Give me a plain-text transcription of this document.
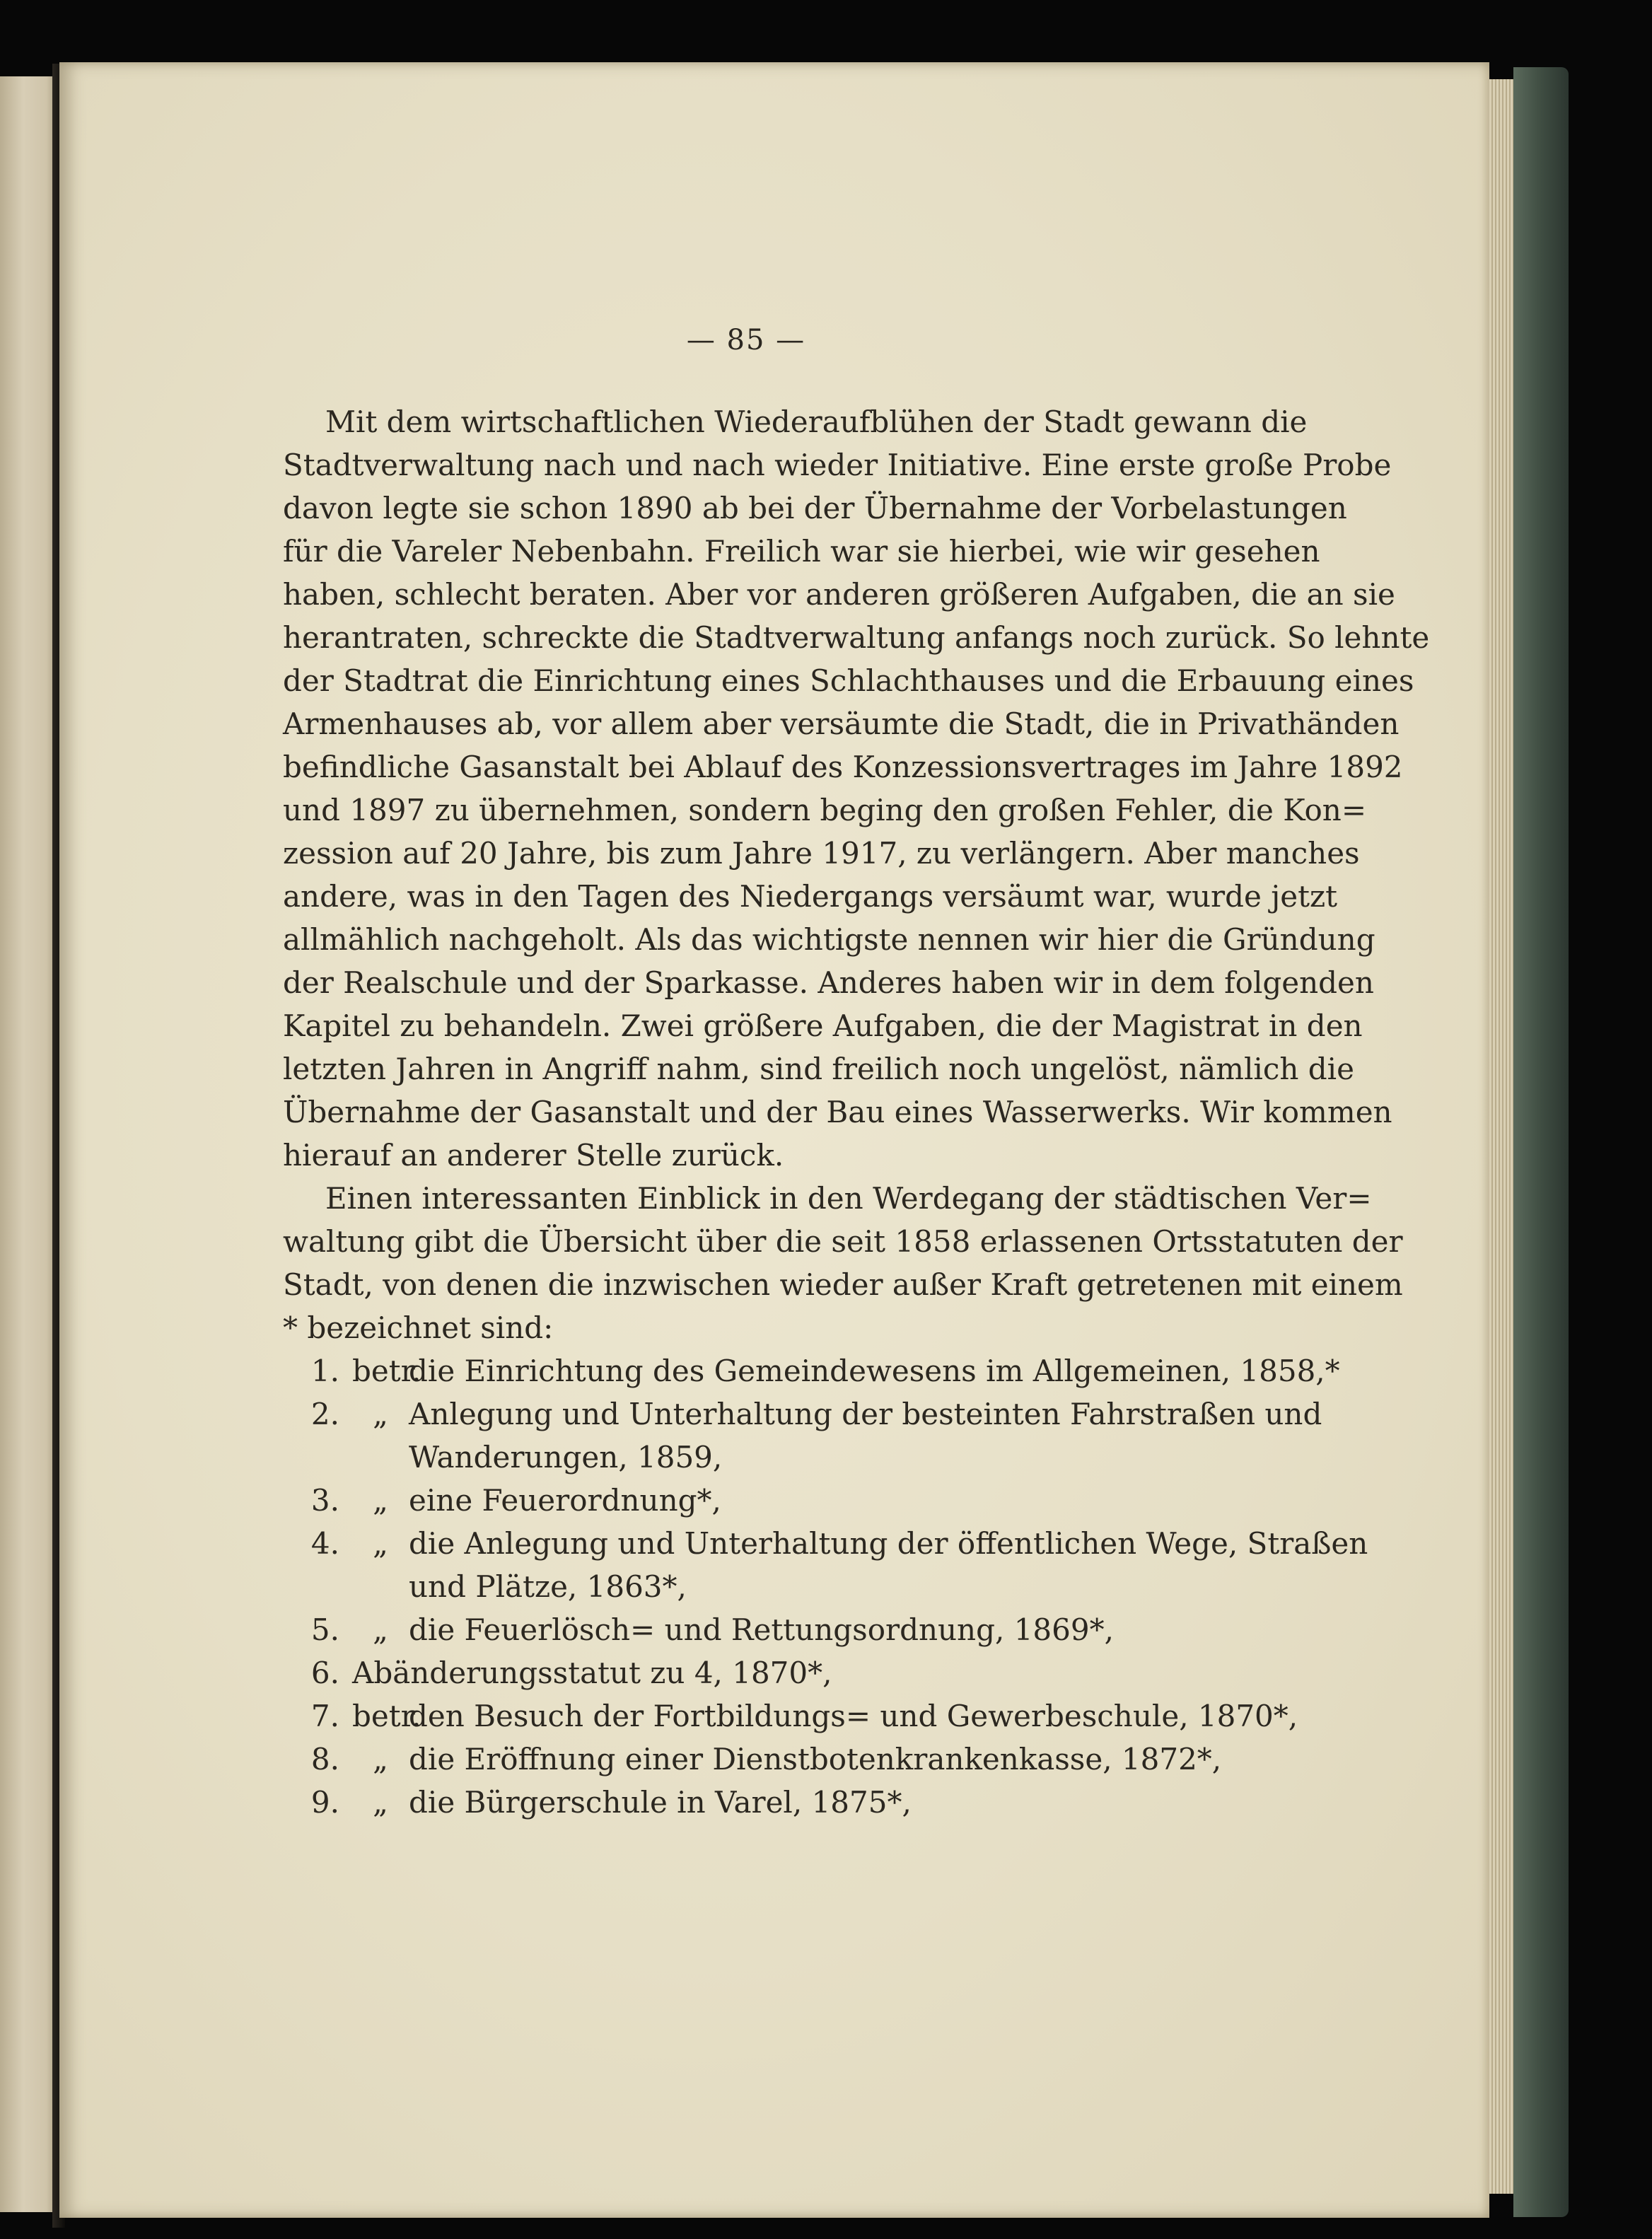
— 85 —
Mit dem wirtschaftlichen Wiederaufblühen der Stadt gewann die
Stadtverwaltung nach und nach wieder Initiative. Eine erste große Probe
davon legte sie schon 1890 ab bei der Übernahme der Vorbelastungen
für die Vareler Nebenbahn. Freilich war sie hierbei, wie wir gesehen
haben, schlecht beraten. Aber vor anderen größeren Aufgaben, die an sie
herantraten, schreckte die Stadtverwaltung anfangs noch zurück. So lehnte
der Stadtrat die Einrichtung eines Schlachthauses und die Erbauung eines
Armenhauses ab, vor allem aber versäumte die Stadt, die in Privathänden
befindliche Gasanstalt bei Ablauf des Konzessionsvertrages im Jahre 1892
und 1897 zu übernehmen, sondern beging den großen Fehler, die Kon=
zession auf 20 Jahre, bis zum Jahre 1917, zu verlängern. Aber manches
andere, was in den Tagen des Niedergangs versäumt war, wurde jetzt
allmählich nachgeholt. Als das wichtigste nennen wir hier die Gründung
der Realschule und der Sparkasse. Anderes haben wir in dem folgenden
Kapitel zu behandeln. Zwei größere Aufgaben, die der Magistrat in den
letzten Jahren in Angriff nahm, sind freilich noch ungelöst, nämlich die
Übernahme der Gasanstalt und der Bau eines Wasserwerks. Wir kommen
hierauf an anderer Stelle zurück.
Einen interessanten Einblick in den Werdegang der städtischen Ver=
waltung gibt die Übersicht über die seit 1858 erlassenen Ortsstatuten der
Stadt, von denen die inzwischen wieder außer Kraft getretenen mit einem
* bezeichnet sind:
1. betr.
die Einrichtung des Gemeindewesens im Allgemeinen, 1858,*
2.	„ Anlegung und Unterhaltung der besteinten Fahrstraßen und
Wanderungen, 1859,
3.	„ eine Feuerordnung*,
4.	„ die Anlegung und Unterhaltung der öffentlichen Wege, Straßen
und Plätze, 1863*,
5.	„ die Feuerlösch= und Rettungsordnung, 1869*,
6. Abänderungsstatut zu 4, 1870*,
7. betr.
den Besuch der Fortbildungs= und Gewerbeschule, 1870*,
8.	„ die Eröffnung einer Dienstbotenkrankenkasse, 1872*,
9.	„ die Bürgerschule in Varel, 1875*,
